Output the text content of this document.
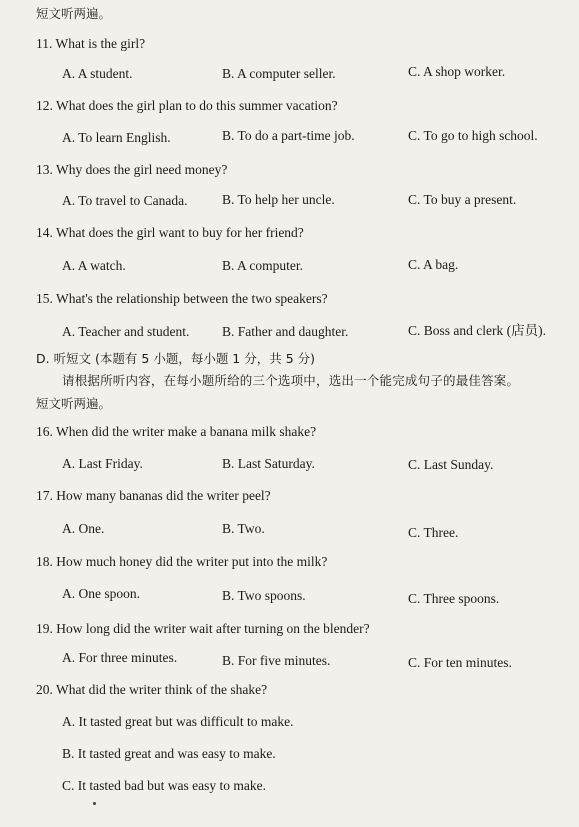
短文听两遍。
11. What is the girl?
A. A student.	B. A computer seller.	C. A shop worker.
12. What does the girl plan to do this summer vacation?
A. To learn English.	B. To do a part-time job.	C. To go to high school.
13. Why does the girl need money?
A. To travel to Canada.	B. To help her uncle.	C. To buy a present.
14. What does the girl want to buy for her friend?
A. A watch.	B. A computer.	C. A bag.
15. What's the relationship between the two speakers?
A. Teacher and student. B. Father and daughter.	C. Boss and clerk (店员).
D. 听短文 (本题有 5 小题，每小题 1 分，共 5 分)
请根据所听内容，在每小题所给的三个选项中，选出一个能完成句子的最佳答案。
短文听两遍。
16. When did the writer make a banana milk shake?
A. Last Friday.	B. Last Saturday.	C. Last Sunday.
17. How many bananas did the writer peel?
A. One.	B. Two.	C. Three.
18. How much honey did the writer put into the milk?
A. One spoon.	B. Two spoons.	C. Three spoons.
19. How long did the writer wait after turning on the blender?
A. For three minutes.	B. For five minutes.	C. For ten minutes.
20. What did the writer think of the shake?
A. It tasted great but was difficult to make.
B. It tasted great and was easy to make.
C. It tasted bad but was easy to make.
